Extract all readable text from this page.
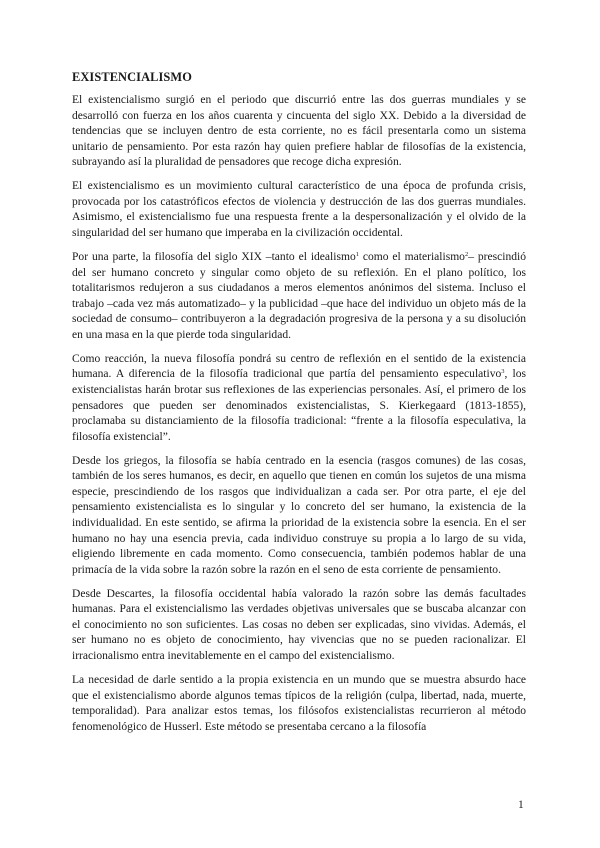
EXISTENCIALISMO

El existencialismo surgió en el periodo que discurrió entre las dos guerras mundiales y se desarrolló con fuerza en los años cuarenta y cincuenta del siglo XX. Debido a la diversidad de tendencias que se incluyen dentro de esta corriente, no es fácil presentarla como un sistema unitario de pensamiento. Por esta razón hay quien prefiere hablar de filosofías de la existencia, subrayando así la pluralidad de pensadores que recoge dicha expresión.

El existencialismo es un movimiento cultural característico de una época de profunda crisis, provocada por los catastróficos efectos de violencia y destrucción de las dos guerras mundiales. Asimismo, el existencialismo fue una respuesta frente a la despersonalización y el olvido de la singularidad del ser humano que imperaba en la civilización occidental.

Por una parte, la filosofía del siglo XIX –tanto el idealismo$^1$ como el materialismo$^2$– prescindió del ser humano concreto y singular como objeto de su reflexión. En el plano político, los totalitarismos redujeron a sus ciudadanos a meros elementos anónimos del sistema. Incluso el trabajo –cada vez más automatizado– y la publicidad –que hace del individuo un objeto más de la sociedad de consumo– contribuyeron a la degradación progresiva de la persona y a su disolución en una masa en la que pierde toda singularidad.

Como reacción, la nueva filosofía pondrá su centro de reflexión en el sentido de la existencia humana. A diferencia de la filosofía tradicional que partía del pensamiento especulativo$^3$, los existencialistas harán brotar sus reflexiones de las experiencias personales. Así, el primero de los pensadores que pueden ser denominados existencialistas, S. Kierkegaard (1813-1855), proclamaba su distanciamiento de la filosofía tradicional: “frente a la filosofía especulativa, la filosofía existencial”.

Desde los griegos, la filosofía se había centrado en la esencia (rasgos comunes) de las cosas, también de los seres humanos, es decir, en aquello que tienen en común los sujetos de una misma especie, prescindiendo de los rasgos que individualizan a cada ser. Por otra parte, el eje del pensamiento existencialista es lo singular y lo concreto del ser humano, la existencia de la individualidad. En este sentido, se afirma la prioridad de la existencia sobre la esencia. En el ser humano no hay una esencia previa, cada individuo construye su propia a lo largo de su vida, eligiendo libremente en cada momento. Como consecuencia, también podemos hablar de una primacía de la vida sobre la razón sobre la razón en el seno de esta corriente de pensamiento.

Desde Descartes, la filosofía occidental había valorado la razón sobre las demás facultades humanas. Para el existencialismo las verdades objetivas universales que se buscaba alcanzar con el conocimiento no son suficientes. Las cosas no deben ser explicadas, sino vividas. Además, el ser humano no es objeto de conocimiento, hay vivencias que no se pueden racionalizar. El irracionalismo entra inevitablemente en el campo del existencialismo.

La necesidad de darle sentido a la propia existencia en un mundo que se muestra absurdo hace que el existencialismo aborde algunos temas típicos de la religión (culpa, libertad, nada, muerte, temporalidad). Para analizar estos temas, los filósofos existencialistas recurrieron al método fenomenológico de Husserl. Este método se presentaba cercano a la filosofía

1
